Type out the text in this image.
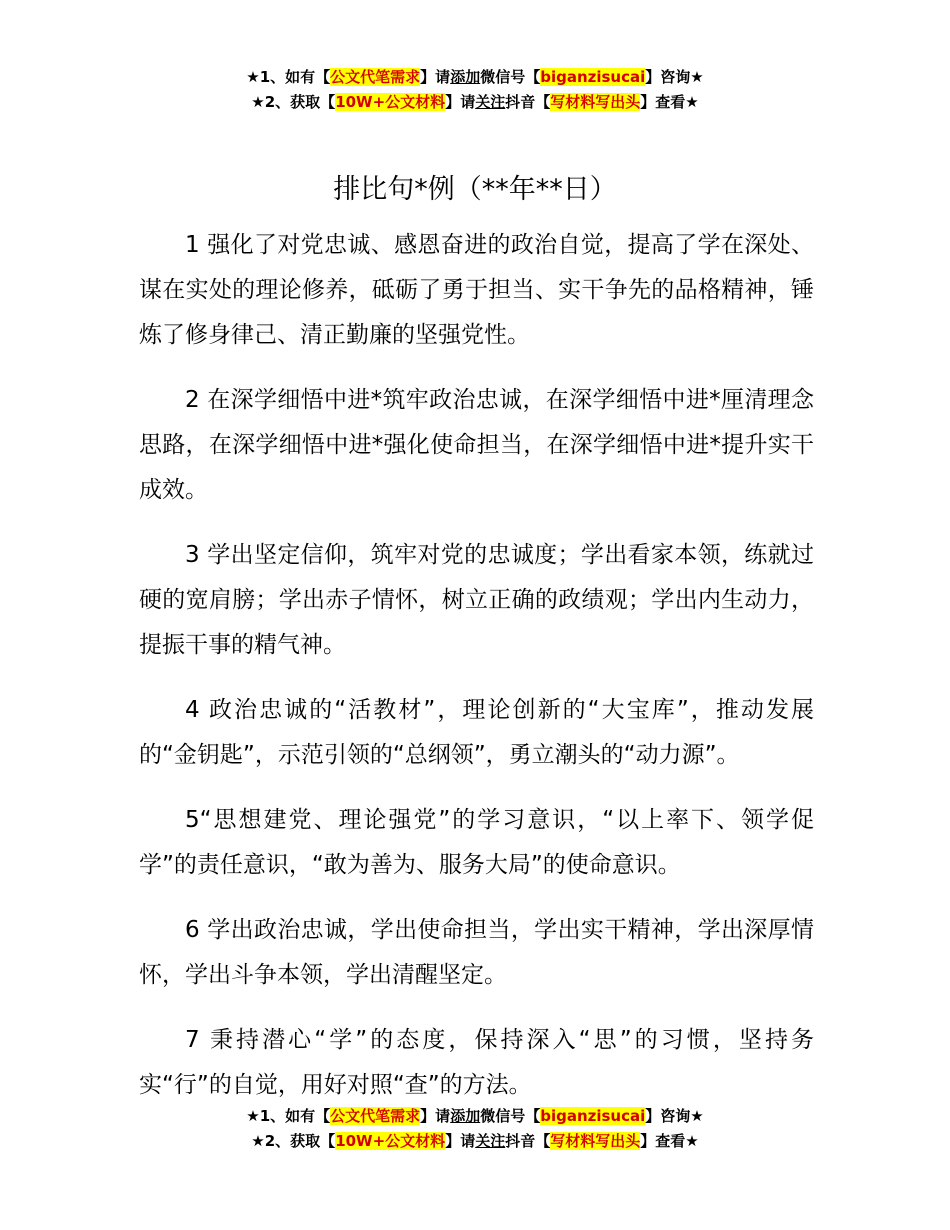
★1、如有【公文代笔需求】请添加微信号【biganzisucai】咨询★
★2、获取【10W+公文材料】请关注抖音【写材料写出头】查看★
排比句*例（**年**日）

1 强化了对党忠诚、感恩奋进的政治自觉，提高了学在深处、谋在实处的理论修养，砥砺了勇于担当、实干争先的品格精神，锤炼了修身律己、清正勤廉的坚强党性。

2 在深学细悟中进*筑牢政治忠诚，在深学细悟中进*厘清理念思路，在深学细悟中进*强化使命担当，在深学细悟中进*提升实干成效。

3 学出坚定信仰，筑牢对党的忠诚度；学出看家本领，练就过硬的宽肩膀；学出赤子情怀，树立正确的政绩观；学出内生动力，提振干事的精气神。

4 政治忠诚的“活教材”，理论创新的“大宝库”，推动发展的“金钥匙”，示范引领的“总纲领”，勇立潮头的“动力源”。

5“思想建党、理论强党”的学习意识，“以上率下、领学促学”的责任意识，“敢为善为、服务大局”的使命意识。

6 学出政治忠诚，学出使命担当，学出实干精神，学出深厚情怀，学出斗争本领，学出清醒坚定。

7 秉持潜心“学”的态度，保持深入“思”的习惯，坚持务实“行”的自觉，用好对照“查”的方法。

★1、如有【公文代笔需求】请添加微信号【biganzisucai】咨询★
★2、获取【10W+公文材料】请关注抖音【写材料写出头】查看★
